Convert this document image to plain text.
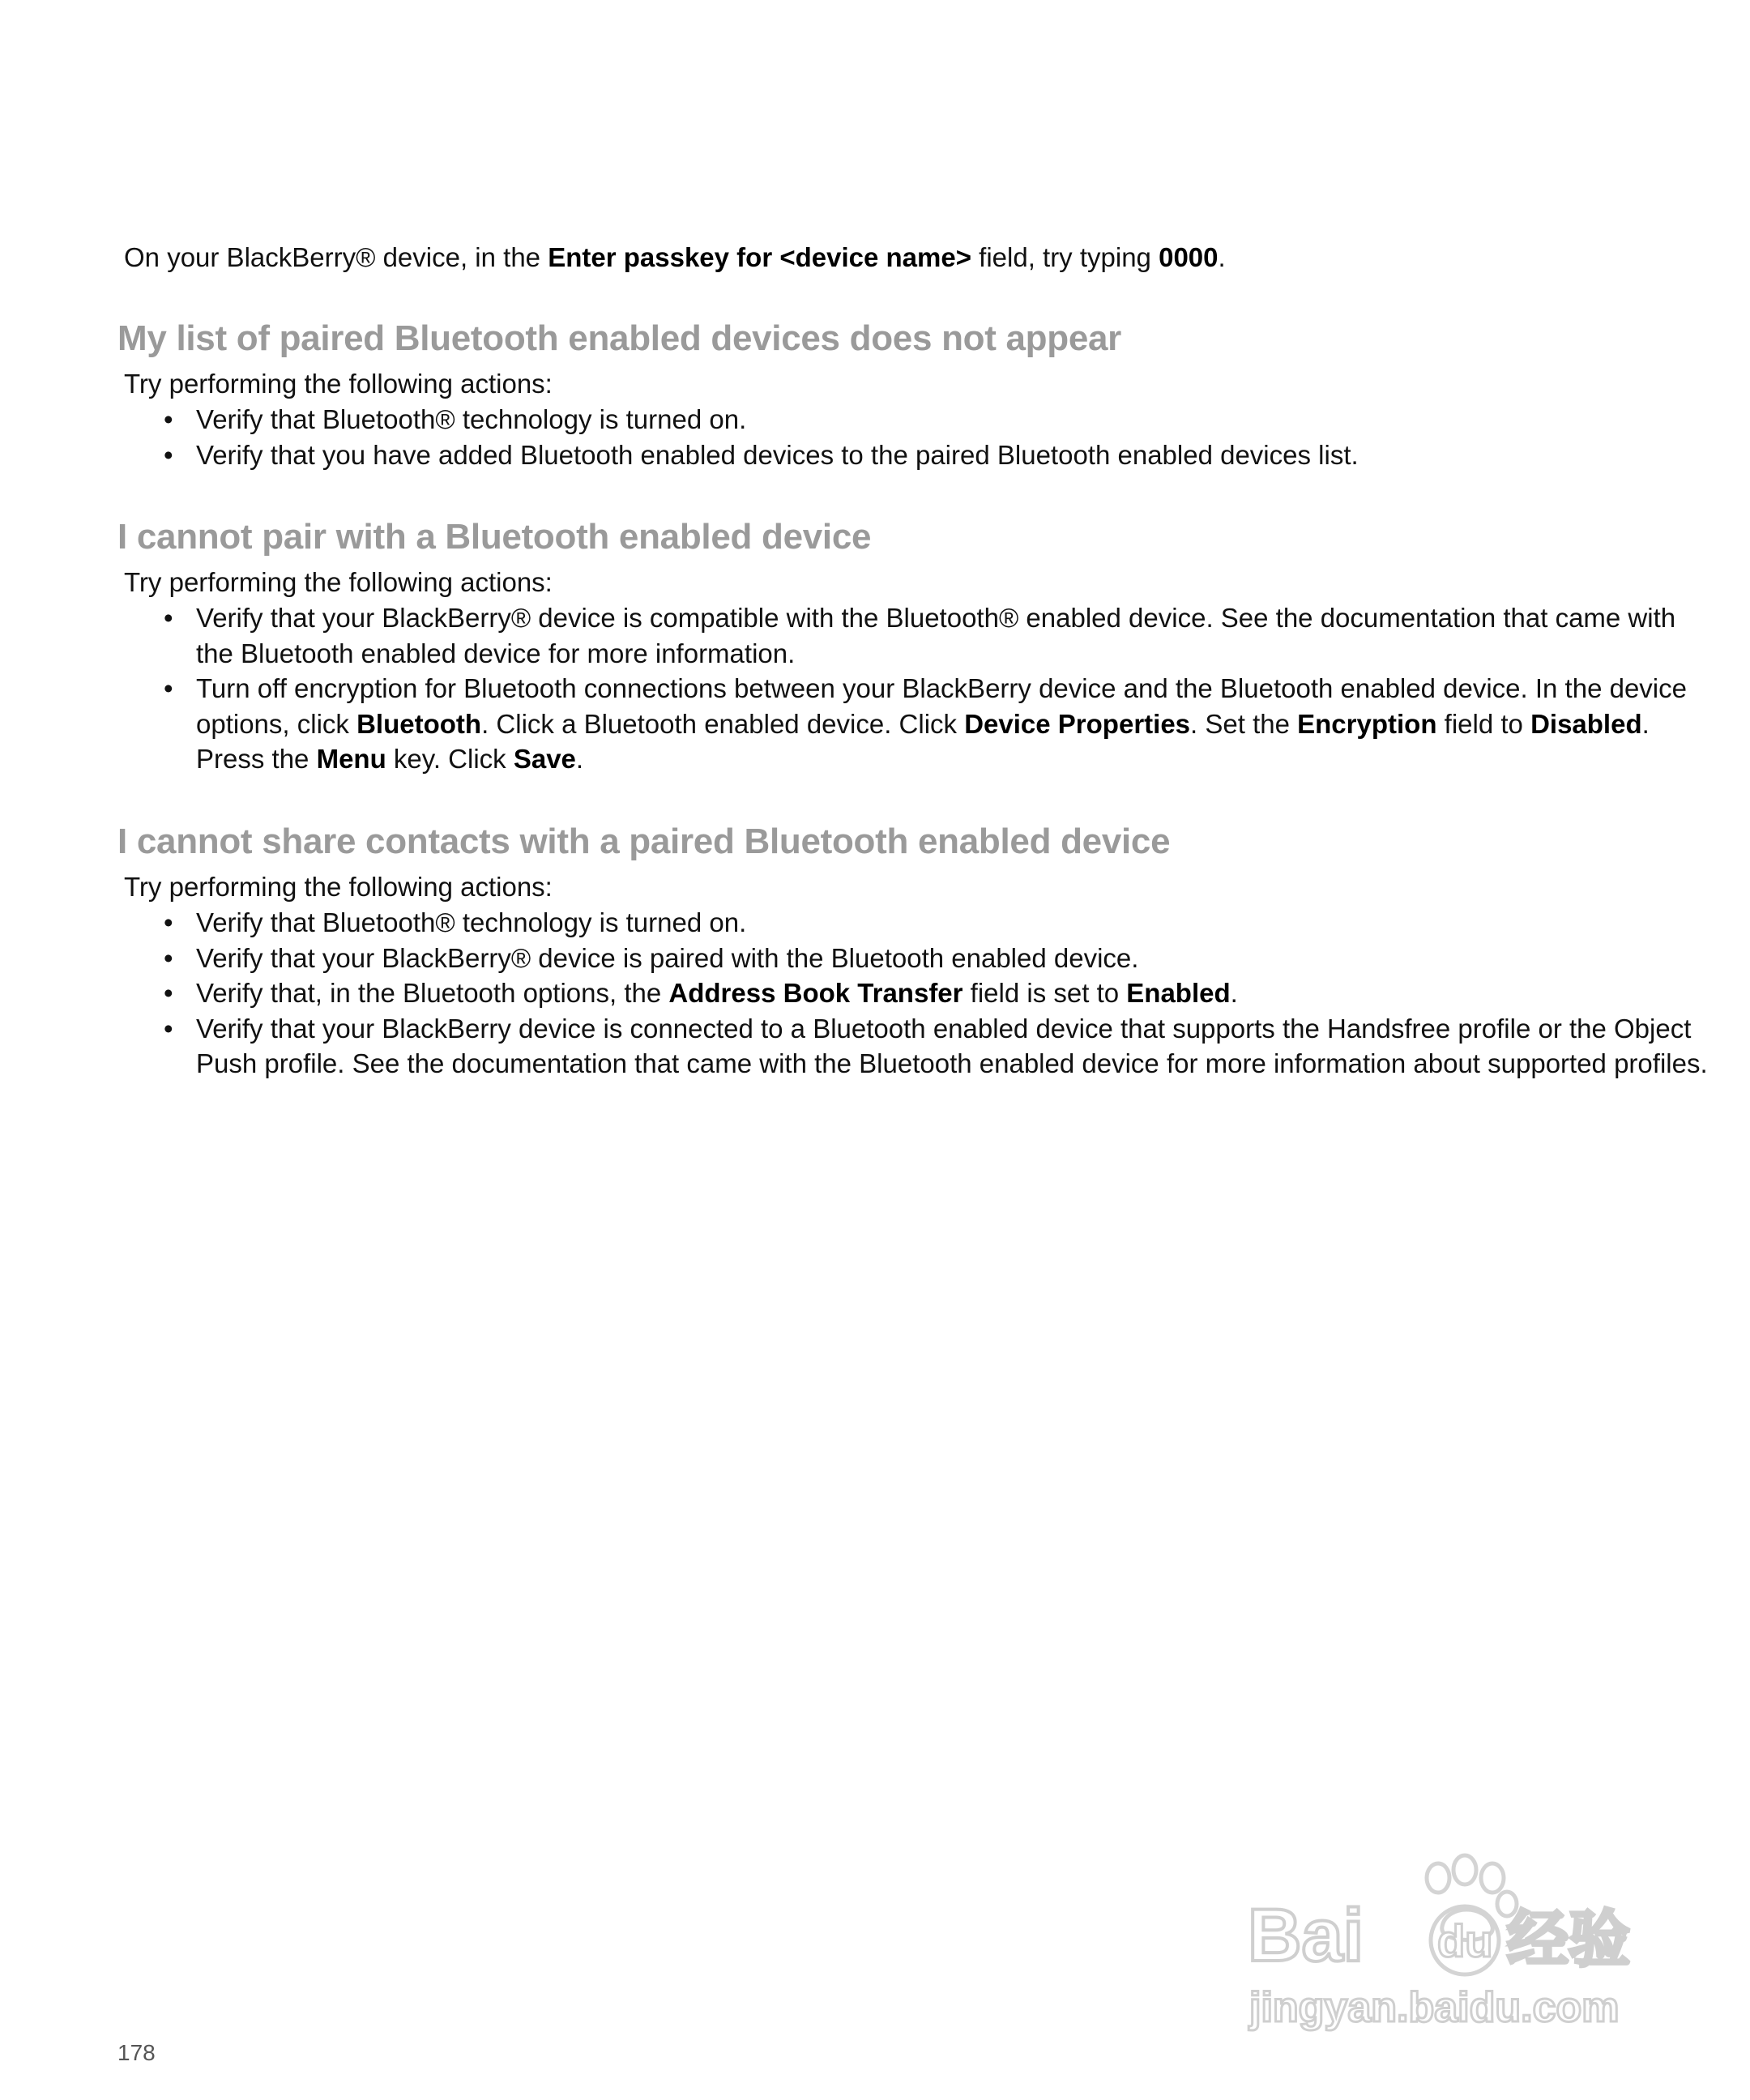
On your BlackBerry® device, in the Enter passkey for <device name> field, try typing 0000.

My list of paired Bluetooth enabled devices does not appear

Try performing the following actions:

• Verify that Bluetooth® technology is turned on.
• Verify that you have added Bluetooth enabled devices to the paired Bluetooth enabled devices list.
I cannot pair with a Bluetooth enabled device

Try performing the following actions:

• Verify that your BlackBerry® device is compatible with the Bluetooth® enabled device. See the documentation that came with the Bluetooth enabled device for more information.
• Turn off encryption for Bluetooth connections between your BlackBerry device and the Bluetooth enabled device. In the device options, click Bluetooth. Click a Bluetooth enabled device. Click Device Properties. Set the Encryption field to Disabled. Press the Menu key. Click Save.
I cannot share contacts with a paired Bluetooth enabled device

Try performing the following actions:

• Verify that Bluetooth® technology is turned on.
• Verify that your BlackBerry® device is paired with the Bluetooth enabled device.
• Verify that, in the Bluetooth options, the Address Book Transfer field is set to Enabled.
• Verify that your BlackBerry device is connected to a Bluetooth enabled device that supports the Handsfree profile or the Object Push profile. See the documentation that came with the Bluetooth enabled device for more information about supported profiles.
Bai du 经验
jingyan.baidu.com
178
